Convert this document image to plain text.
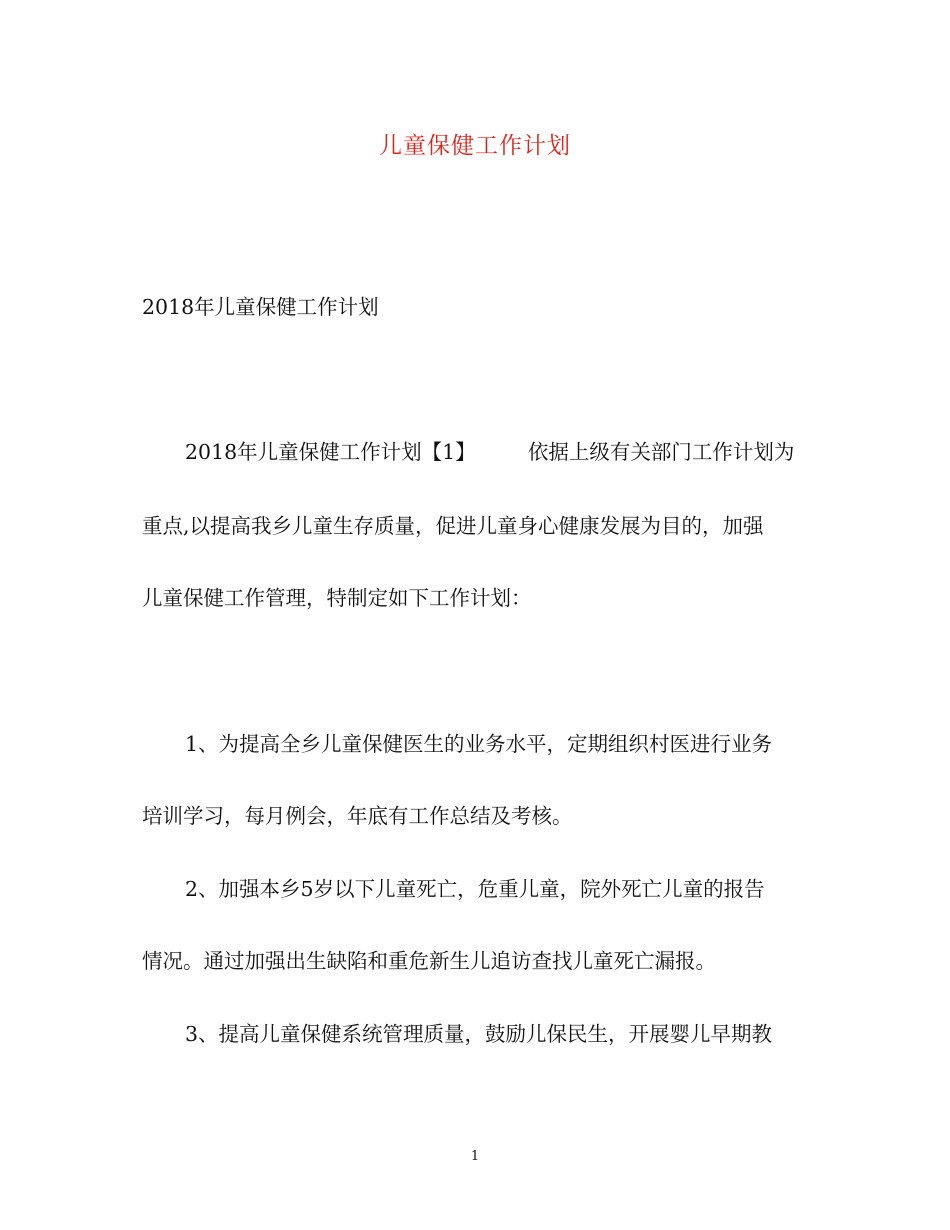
儿童保健工作计划
2018年儿童保健工作计划
2018年儿童保健工作计划【1】        依据上级有关部门工作计划为
重点,以提高我乡儿童生存质量，促进儿童身心健康发展为目的，加强
儿童保健工作管理，特制定如下工作计划：
1、为提高全乡儿童保健医生的业务水平，定期组织村医进行业务
培训学习，每月例会，年底有工作总结及考核。
2、加强本乡5岁以下儿童死亡，危重儿童，院外死亡儿童的报告
情况。通过加强出生缺陷和重危新生儿追访查找儿童死亡漏报。
3、提高儿童保健系统管理质量，鼓励儿保民生，开展婴儿早期教
1
